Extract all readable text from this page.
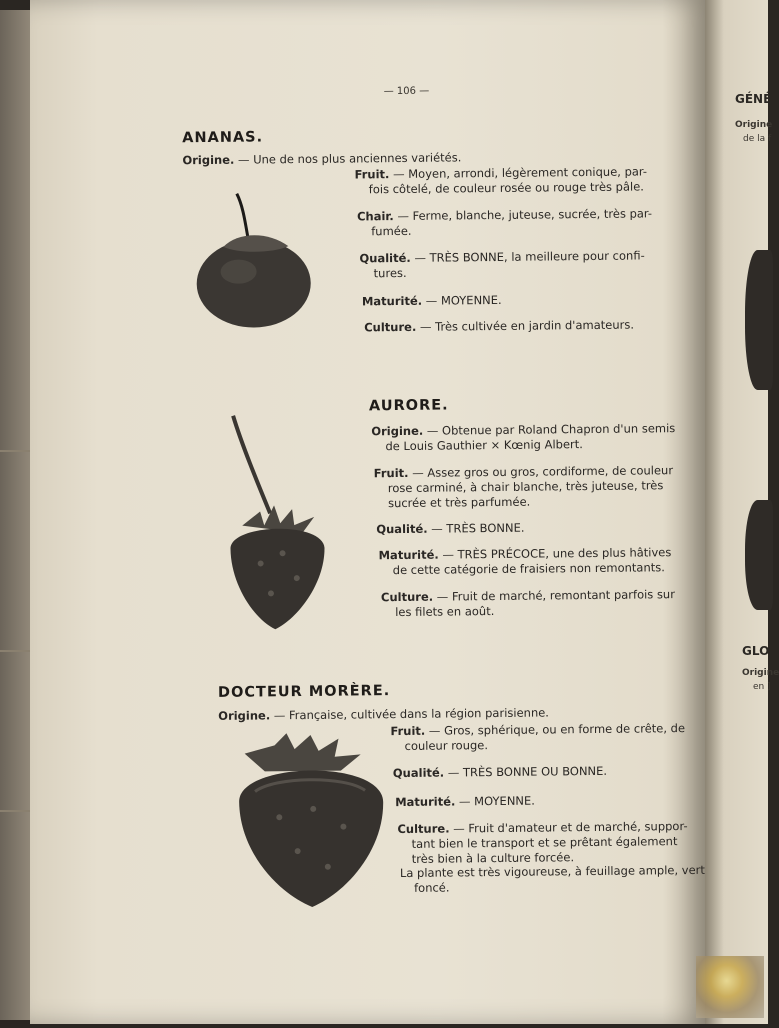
GÉNÉ
Origine
de la f
GLO
Origine
en ]
— 106 —
ANANAS.
Origine. — Une de nos plus anciennes variétés.
Fruit. — Moyen, arrondi, légèrement conique, par-
fois côtelé, de couleur rosée ou rouge très pâle.
Chair. — Ferme, blanche, juteuse, sucrée, très par-
fumée.
Qualité. — TRÈS BONNE, la meilleure pour confi-
tures.
Maturité. — MOYENNE.
Culture. — Très cultivée en jardin d'amateurs.
AURORE.
Origine. — Obtenue par Roland Chapron d'un semis
de Louis Gauthier × Kœnig Albert.
Fruit. — Assez gros ou gros, cordiforme, de couleur
rose carminé, à chair blanche, très juteuse, très
sucrée et très parfumée.
Qualité. — TRÈS BONNE.
Maturité. — TRÈS PRÉCOCE, une des plus hâtives
de cette catégorie de fraisiers non remontants.
Culture. — Fruit de marché, remontant parfois sur
les filets en août.
DOCTEUR MORÈRE.
Origine. — Française, cultivée dans la région parisienne.
Fruit. — Gros, sphérique, ou en forme de crête, de
couleur rouge.
Qualité. — TRÈS BONNE OU BONNE.
Maturité. — MOYENNE.
Culture. — Fruit d'amateur et de marché, suppor-
tant bien le transport et se prêtant également
très bien à la culture forcée.
La plante est très vigoureuse, à feuillage ample, vert
foncé.
